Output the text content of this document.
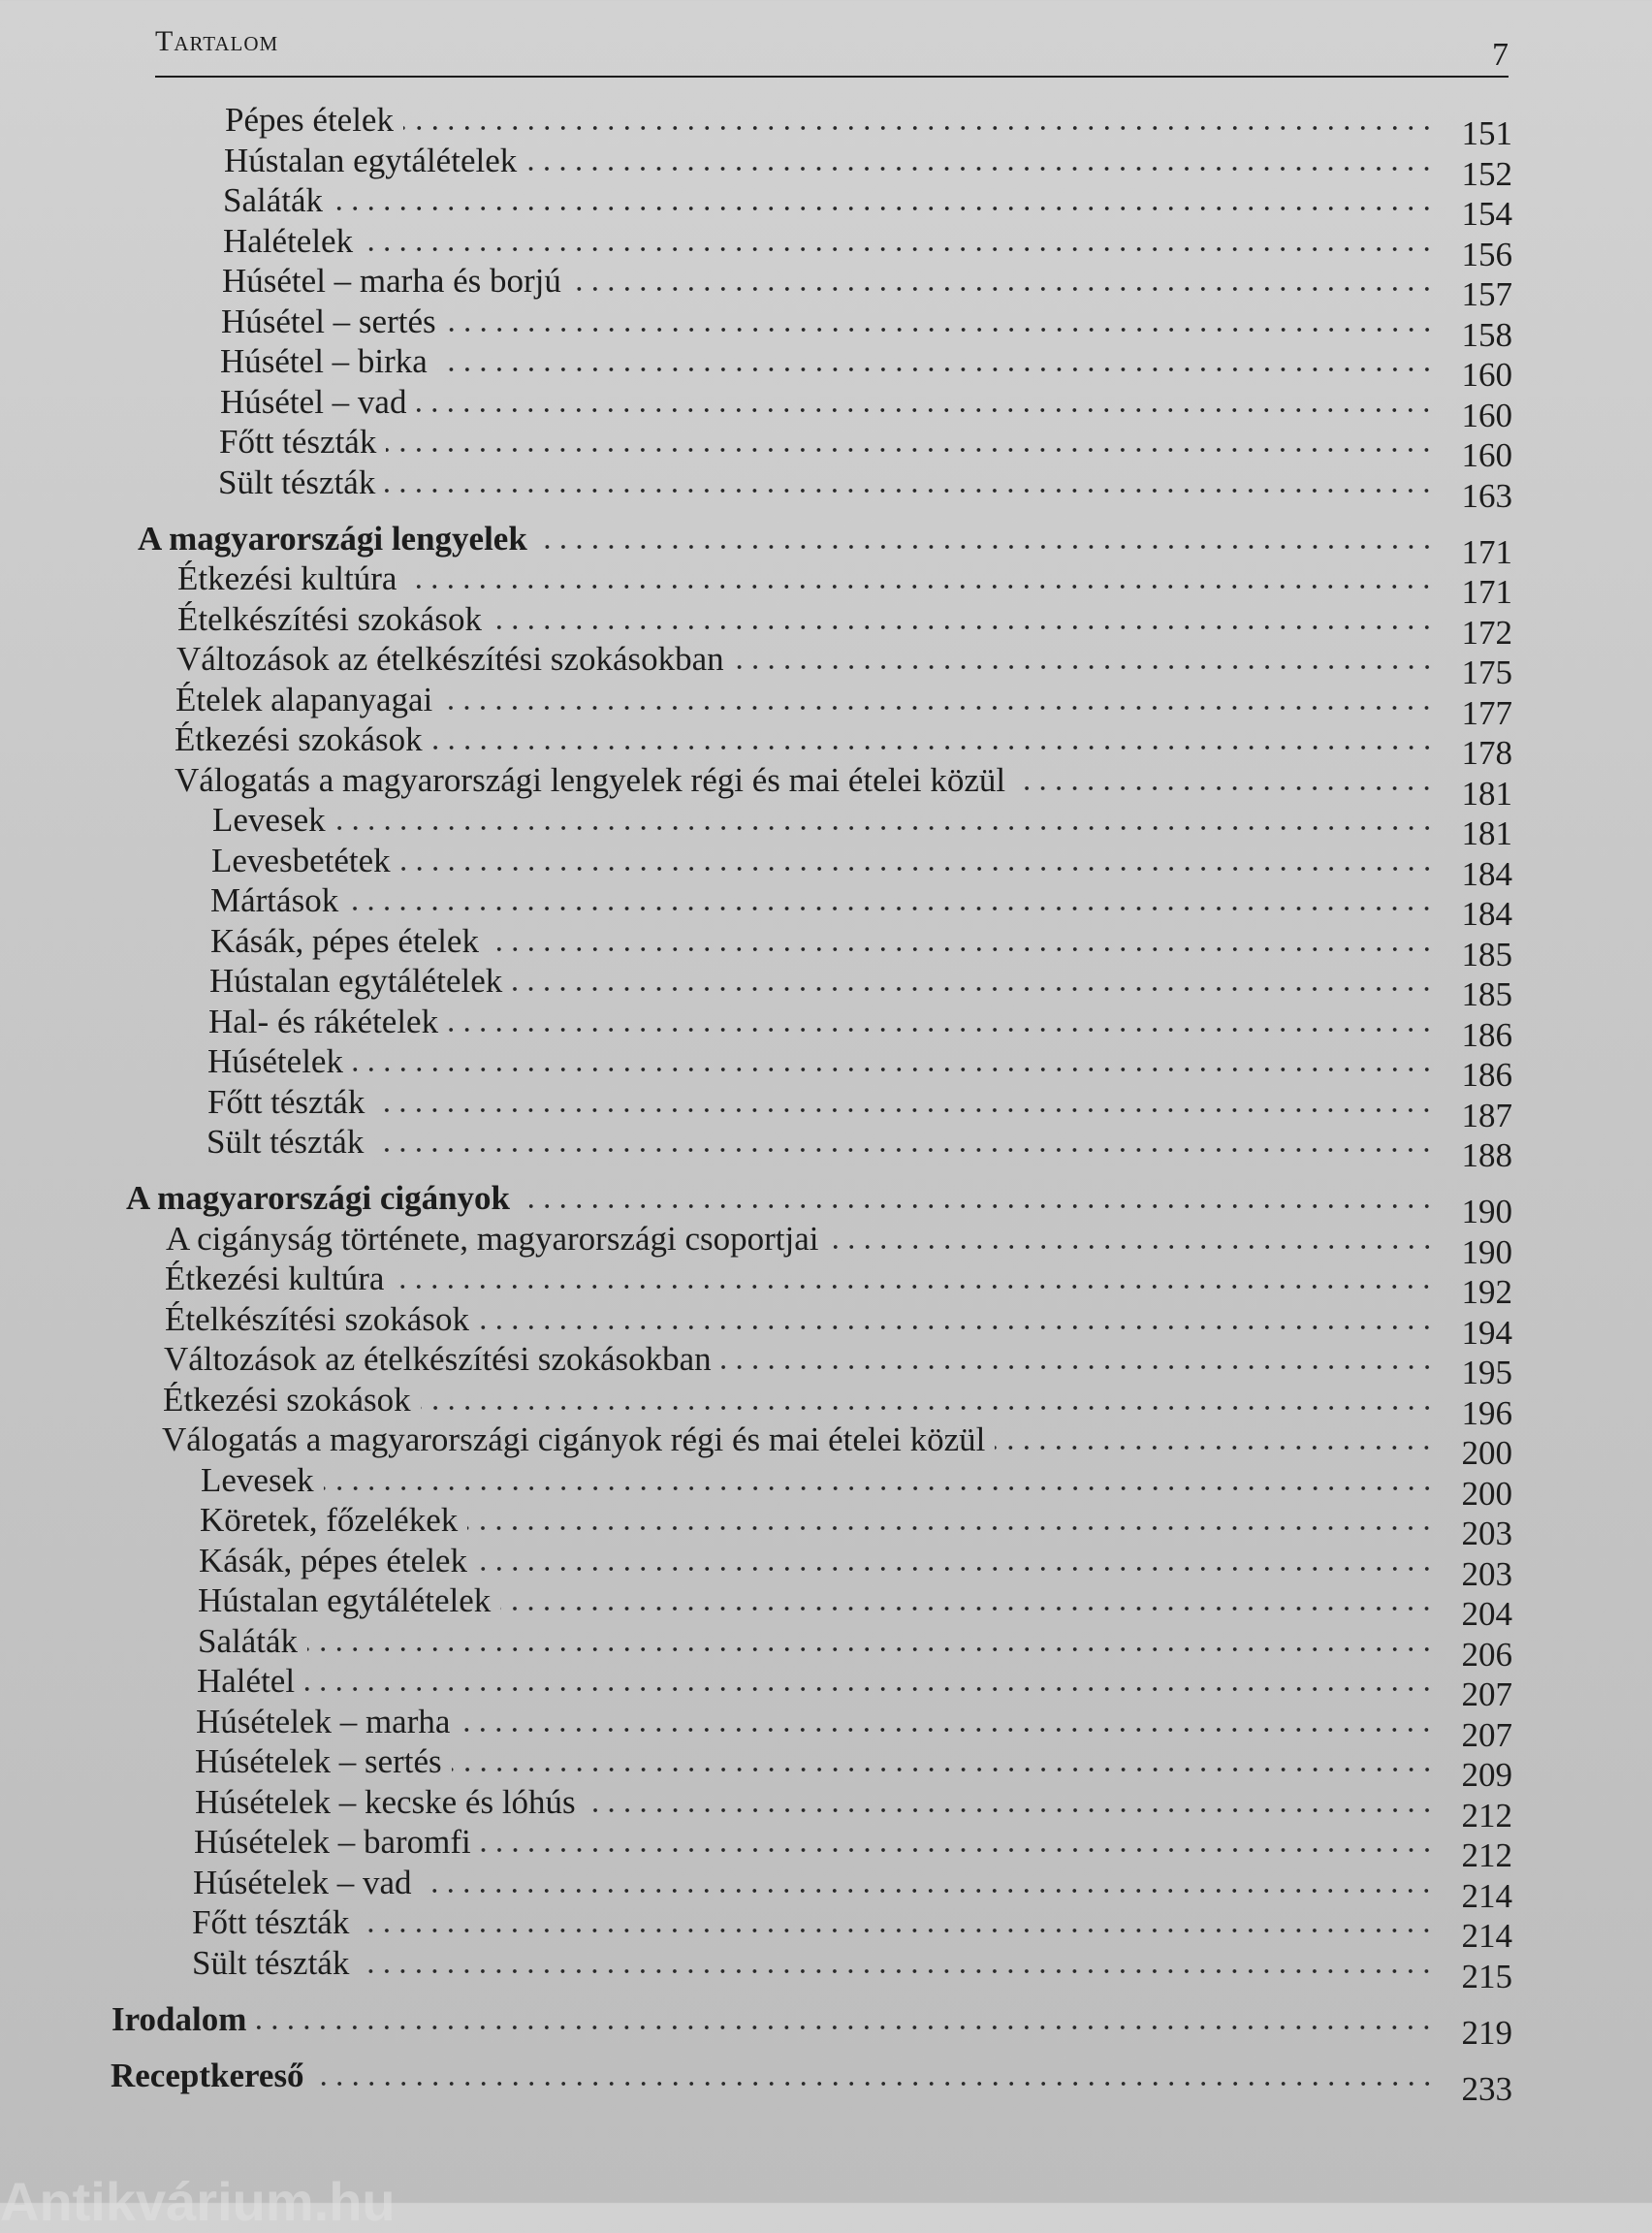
Tartalom	7
Pépes ételek	151
Hústalan egytálételek	152
Saláták	154
Halételek	156
Húsétel – marha és borjú	157
Húsétel – sertés	158
Húsétel – birka	160
Húsétel – vad	160
Főtt tészták	160
Sült tészták	163
A magyarországi lengyelek	171
Étkezési kultúra	171
Ételkészítési szokások	172
Változások az ételkészítési szokásokban	175
Ételek alapanyagai	177
Étkezési szokások	178
Válogatás a magyarországi lengyelek régi és mai ételei közül	181
Levesek	181
Levesbetétek	184
Mártások	184
Kásák, pépes ételek	185
Hústalan egytálételek	185
Hal- és rákételek	186
Húsételek	186
Főtt tészták	187
Sült tészták	188
A magyarországi cigányok	190
A cigányság története, magyarországi csoportjai	190
Étkezési kultúra	192
Ételkészítési szokások	194
Változások az ételkészítési szokásokban	195
Étkezési szokások	196
Válogatás a magyarországi cigányok régi és mai ételei közül	200
Levesek	200
Köretek, főzelékek	203
Kásák, pépes ételek	203
Hústalan egytálételek	204
Saláták	206
Halétel	207
Húsételek – marha	207
Húsételek – sertés	209
Húsételek – kecske és lóhús	212
Húsételek – baromfi	212
Húsételek – vad	214
Főtt tészták	214
Sült tészták	215
Irodalom	219
Receptkereső	233
Antikvárium.hu
